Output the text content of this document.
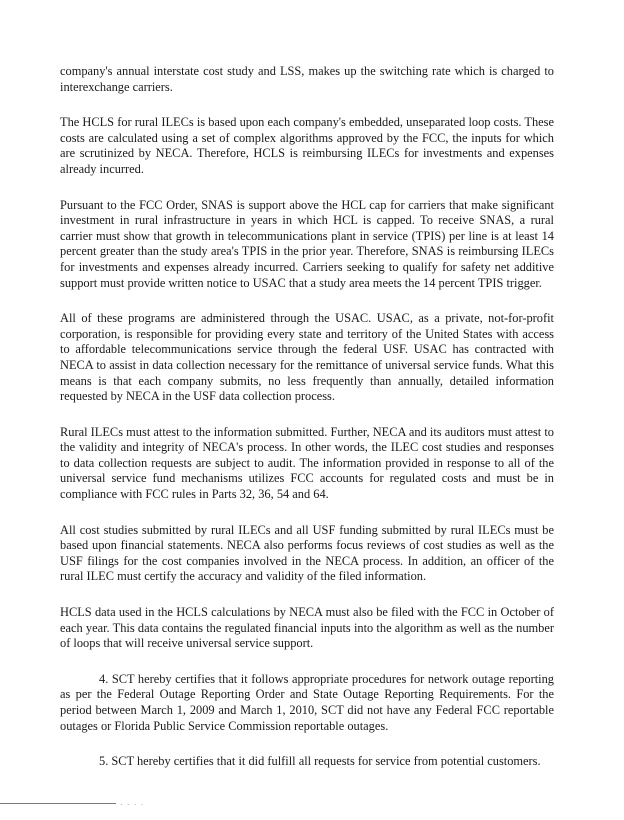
company's annual interstate cost study and LSS, makes up the switching rate which is charged to interexchange carriers.

The HCLS for rural ILECs is based upon each company's embedded, unseparated loop costs. These costs are calculated using a set of complex algorithms approved by the FCC, the inputs for which are scrutinized by NECA. Therefore, HCLS is reimbursing ILECs for investments and expenses already incurred.

Pursuant to the FCC Order, SNAS is support above the HCL cap for carriers that make significant investment in rural infrastructure in years in which HCL is capped. To receive SNAS, a rural carrier must show that growth in telecommunications plant in service (TPIS) per line is at least 14 percent greater than the study area's TPIS in the prior year. Therefore, SNAS is reimbursing ILECs for investments and expenses already incurred. Carriers seeking to qualify for safety net additive support must provide written notice to USAC that a study area meets the 14 percent TPIS trigger.

All of these programs are administered through the USAC. USAC, as a private, not-for-profit corporation, is responsible for providing every state and territory of the United States with access to affordable telecommunications service through the federal USF. USAC has contracted with NECA to assist in data collection necessary for the remittance of universal service funds. What this means is that each company submits, no less frequently than annually, detailed information requested by NECA in the USF data collection process.

Rural ILECs must attest to the information submitted. Further, NECA and its auditors must attest to the validity and integrity of NECA's process. In other words, the ILEC cost studies and responses to data collection requests are subject to audit. The information provided in response to all of the universal service fund mechanisms utilizes FCC accounts for regulated costs and must be in compliance with FCC rules in Parts 32, 36, 54 and 64.

All cost studies submitted by rural ILECs and all USF funding submitted by rural ILECs must be based upon financial statements. NECA also performs focus reviews of cost studies as well as the USF filings for the cost companies involved in the NECA process. In addition, an officer of the rural ILEC must certify the accuracy and validity of the filed information.

HCLS data used in the HCLS calculations by NECA must also be filed with the FCC in October of each year. This data contains the regulated financial inputs into the algorithm as well as the number of loops that will receive universal service support.

4. SCT hereby certifies that it follows appropriate procedures for network outage reporting as per the Federal Outage Reporting Order and State Outage Reporting Requirements. For the period between March 1, 2009 and March 1, 2010, SCT did not have any Federal FCC reportable outages or Florida Public Service Commission reportable outages.

5. SCT hereby certifies that it did fulfill all requests for service from potential customers.

· · · ·
